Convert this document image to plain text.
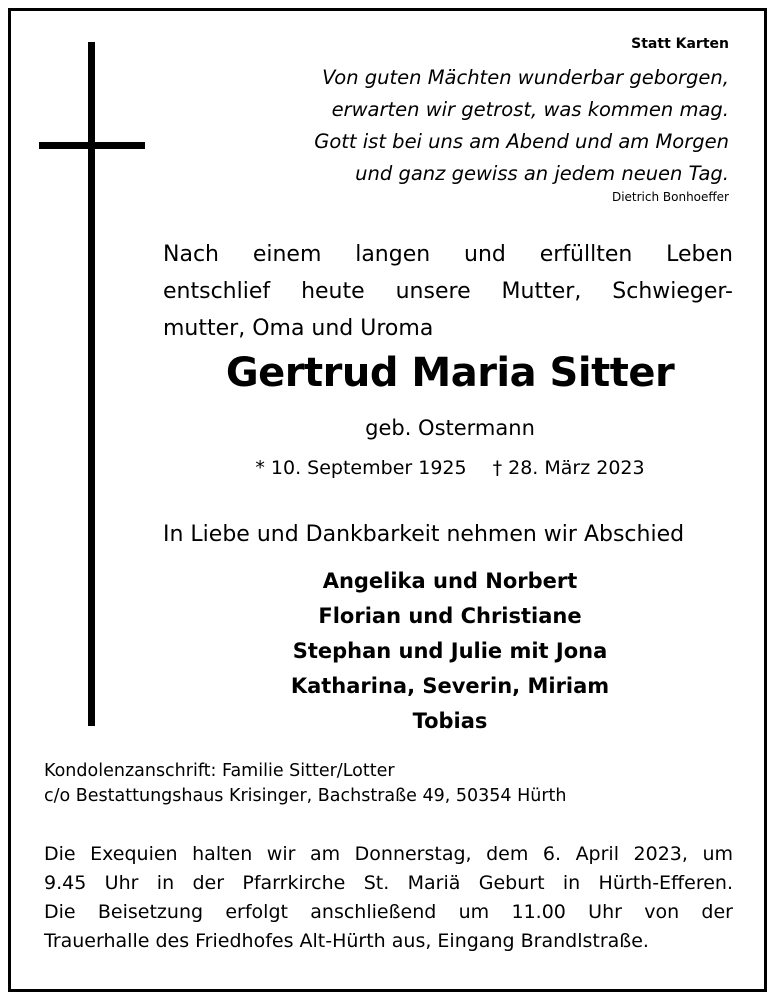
Statt Karten
Von guten Mächten wunderbar geborgen,
erwarten wir getrost, was kommen mag.
Gott ist bei uns am Abend und am Morgen
und ganz gewiss an jedem neuen Tag.
Dietrich Bonhoeffer
Nach einem langen und erfüllten Leben
entschlief heute unsere Mutter, Schwieger-
mutter, Oma und Uroma
Gertrud Maria Sitter
geb. Ostermann
* 10. September 1925 † 28. März 2023
In Liebe und Dankbarkeit nehmen wir Abschied
Angelika und Norbert
Florian und Christiane
Stephan und Julie mit Jona
Katharina, Severin, Miriam
Tobias
Kondolenzanschrift: Familie Sitter/Lotter
c/o Bestattungshaus Krisinger, Bachstraße 49, 50354 Hürth
Die Exequien halten wir am Donnerstag, dem 6. April 2023, um
9.45 Uhr in der Pfarrkirche St. Mariä Geburt in Hürth-Efferen.
Die Beisetzung erfolgt anschließend um 11.00 Uhr von der
Trauerhalle des Friedhofes Alt-Hürth aus, Eingang Brandlstraße.
